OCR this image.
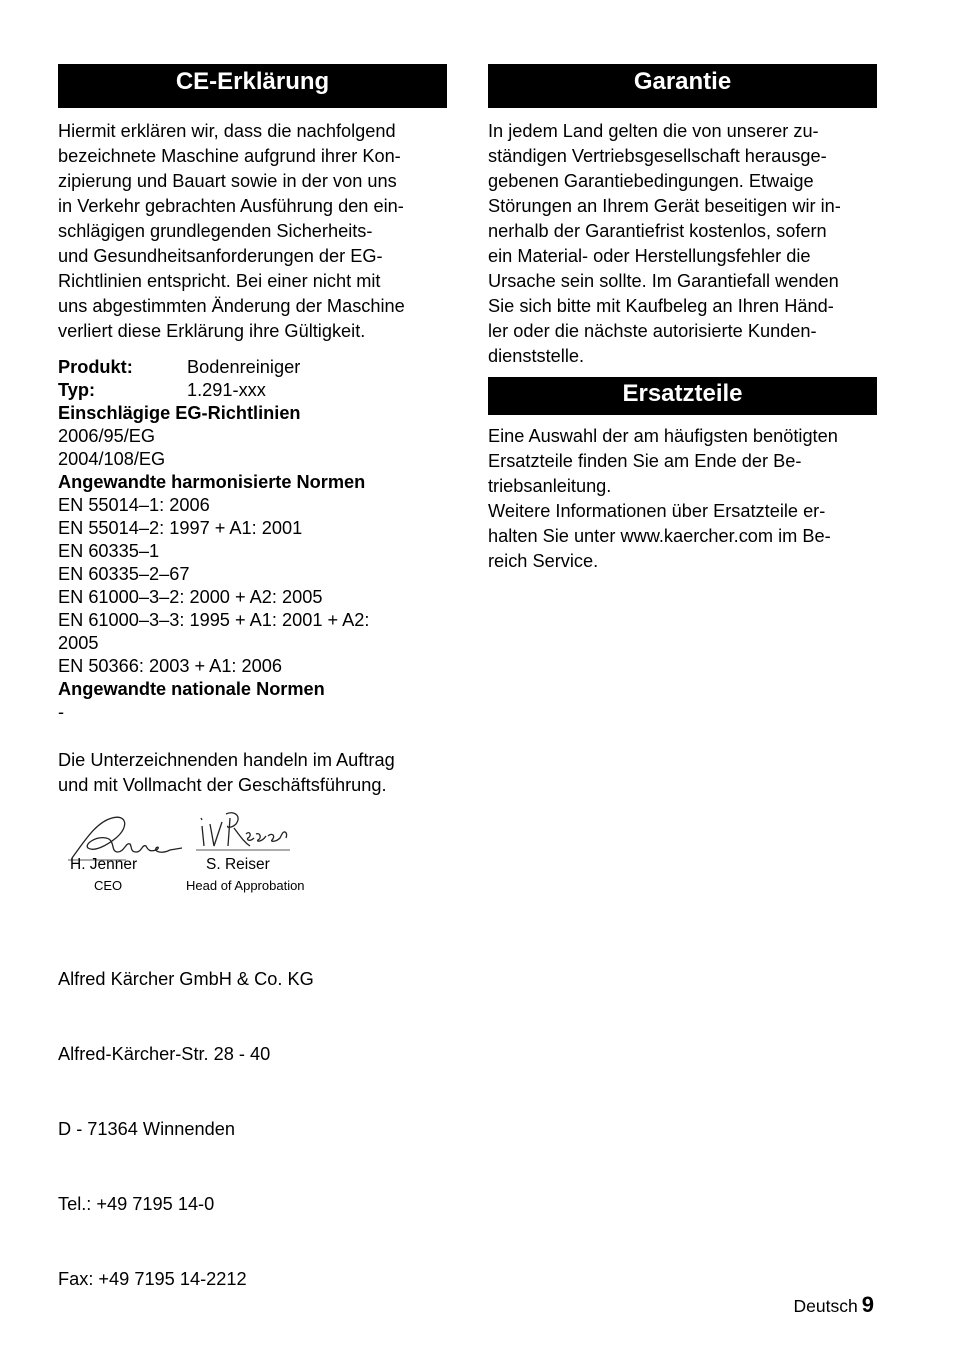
CE-Erklärung

Hiermit erklären wir, dass die nachfolgend
bezeichnete Maschine aufgrund ihrer Kon-
zipierung und Bauart sowie in der von uns
in Verkehr gebrachten Ausführung den ein-
schlägigen grundlegenden Sicherheits-
und Gesundheitsanforderungen der EG-
Richtlinien entspricht. Bei einer nicht mit
uns abgestimmten Änderung der Maschine
verliert diese Erklärung ihre Gültigkeit.

Produkt:	Bodenreiniger
Typ:	1.291-xxx
Einschlägige EG-Richtlinien
2006/95/EG
2004/108/EG
Angewandte harmonisierte Normen
EN 55014–1: 2006
EN 55014–2: 1997 + A1: 2001
EN 60335–1
EN 60335–2–67
EN 61000–3–2: 2000 + A2: 2005
EN 61000–3–3: 1995 + A1: 2001 + A2:
2005
EN 50366: 2003 + A1: 2006
Angewandte nationale Normen
-

Die Unterzeichnenden handeln im Auftrag
und mit Vollmacht der Geschäftsführung.

H. Jenner
CEO
S. Reiser
Head of Approbation

Alfred Kärcher GmbH & Co. KG

Alfred-Kärcher-Str. 28 - 40

D - 71364 Winnenden

Tel.: +49 7195 14-0

Fax: +49 7195 14-2212

Garantie

In jedem Land gelten die von unserer zu-
ständigen Vertriebsgesellschaft herausge-
gebenen Garantiebedingungen. Etwaige
Störungen an Ihrem Gerät beseitigen wir in-
nerhalb der Garantiefrist kostenlos, sofern
ein Material- oder Herstellungsfehler die
Ursache sein sollte. Im Garantiefall wenden
Sie sich bitte mit Kaufbeleg an Ihren Händ-
ler oder die nächste autorisierte Kunden-
dienststelle.

Ersatzteile

Eine Auswahl der am häufigsten benötigten
Ersatzteile finden Sie am Ende der Be-
triebsanleitung.
Weitere Informationen über Ersatzteile er-
halten Sie unter www.kaercher.com im Be-
reich Service.

Deutsch 9
